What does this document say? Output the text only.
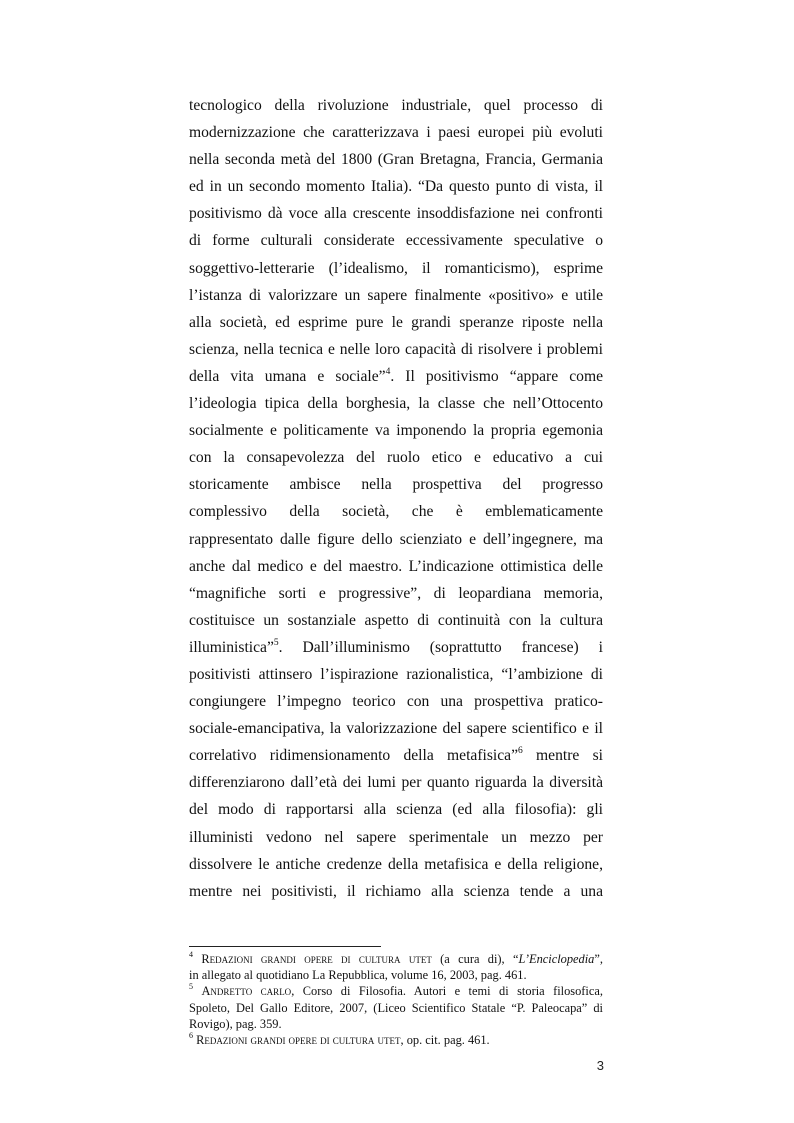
tecnologico della rivoluzione industriale, quel processo di
modernizzazione che caratterizzava i paesi europei più evoluti
nella seconda metà del 1800 (Gran Bretagna, Francia, Germania
ed in un secondo momento Italia). “Da questo punto di vista, il
positivismo dà voce alla crescente insoddisfazione nei confronti
di forme culturali considerate eccessivamente speculative o
soggettivo-letterarie (l’idealismo, il romanticismo), esprime
l’istanza di valorizzare un sapere finalmente «positivo» e utile
alla società, ed esprime pure le grandi speranze riposte nella
scienza, nella tecnica e nelle loro capacità di risolvere i problemi
della vita umana e sociale”$^4$. Il positivismo “appare come
l’ideologia tipica della borghesia, la classe che nell’Ottocento
socialmente e politicamente va imponendo la propria egemonia
con la consapevolezza del ruolo etico e educativo a cui
storicamente ambisce nella prospettiva del progresso
complessivo della società, che è emblematicamente
rappresentato dalle figure dello scienziato e dell’ingegnere, ma
anche dal medico e del maestro. L’indicazione ottimistica delle
“magnifiche sorti e progressive”, di leopardiana memoria,
costituisce un sostanziale aspetto di continuità con la cultura
illuministica”$^5$. Dall’illuminismo (soprattutto francese) i
positivisti attinsero l’ispirazione razionalistica, “l’ambizione di
congiungere l’impegno teorico con una prospettiva pratico-
sociale-emancipativa, la valorizzazione del sapere scientifico e il
correlativo ridimensionamento della metafisica”$^6$ mentre si
differenziarono dall’età dei lumi per quanto riguarda la diversità
del modo di rapportarsi alla scienza (ed alla filosofia): gli
illuministi vedono nel sapere sperimentale un mezzo per
dissolvere le antiche credenze della metafisica e della religione,
mentre nei positivisti, il richiamo alla scienza tende a una
$^4$ Redazioni grandi opere di cultura utet (a cura di), “L’Enciclopedia”,
in allegato al quotidiano La Repubblica, volume 16, 2003, pag. 461.
$^5$ Andretto carlo, Corso di Filosofia. Autori e temi di storia filosofica,
Spoleto, Del Gallo Editore, 2007, (Liceo Scientifico Statale “P. Paleocapa” di
Rovigo), pag. 359.
$^6$ Redazioni grandi opere di cultura utet, op. cit. pag. 461.
3
